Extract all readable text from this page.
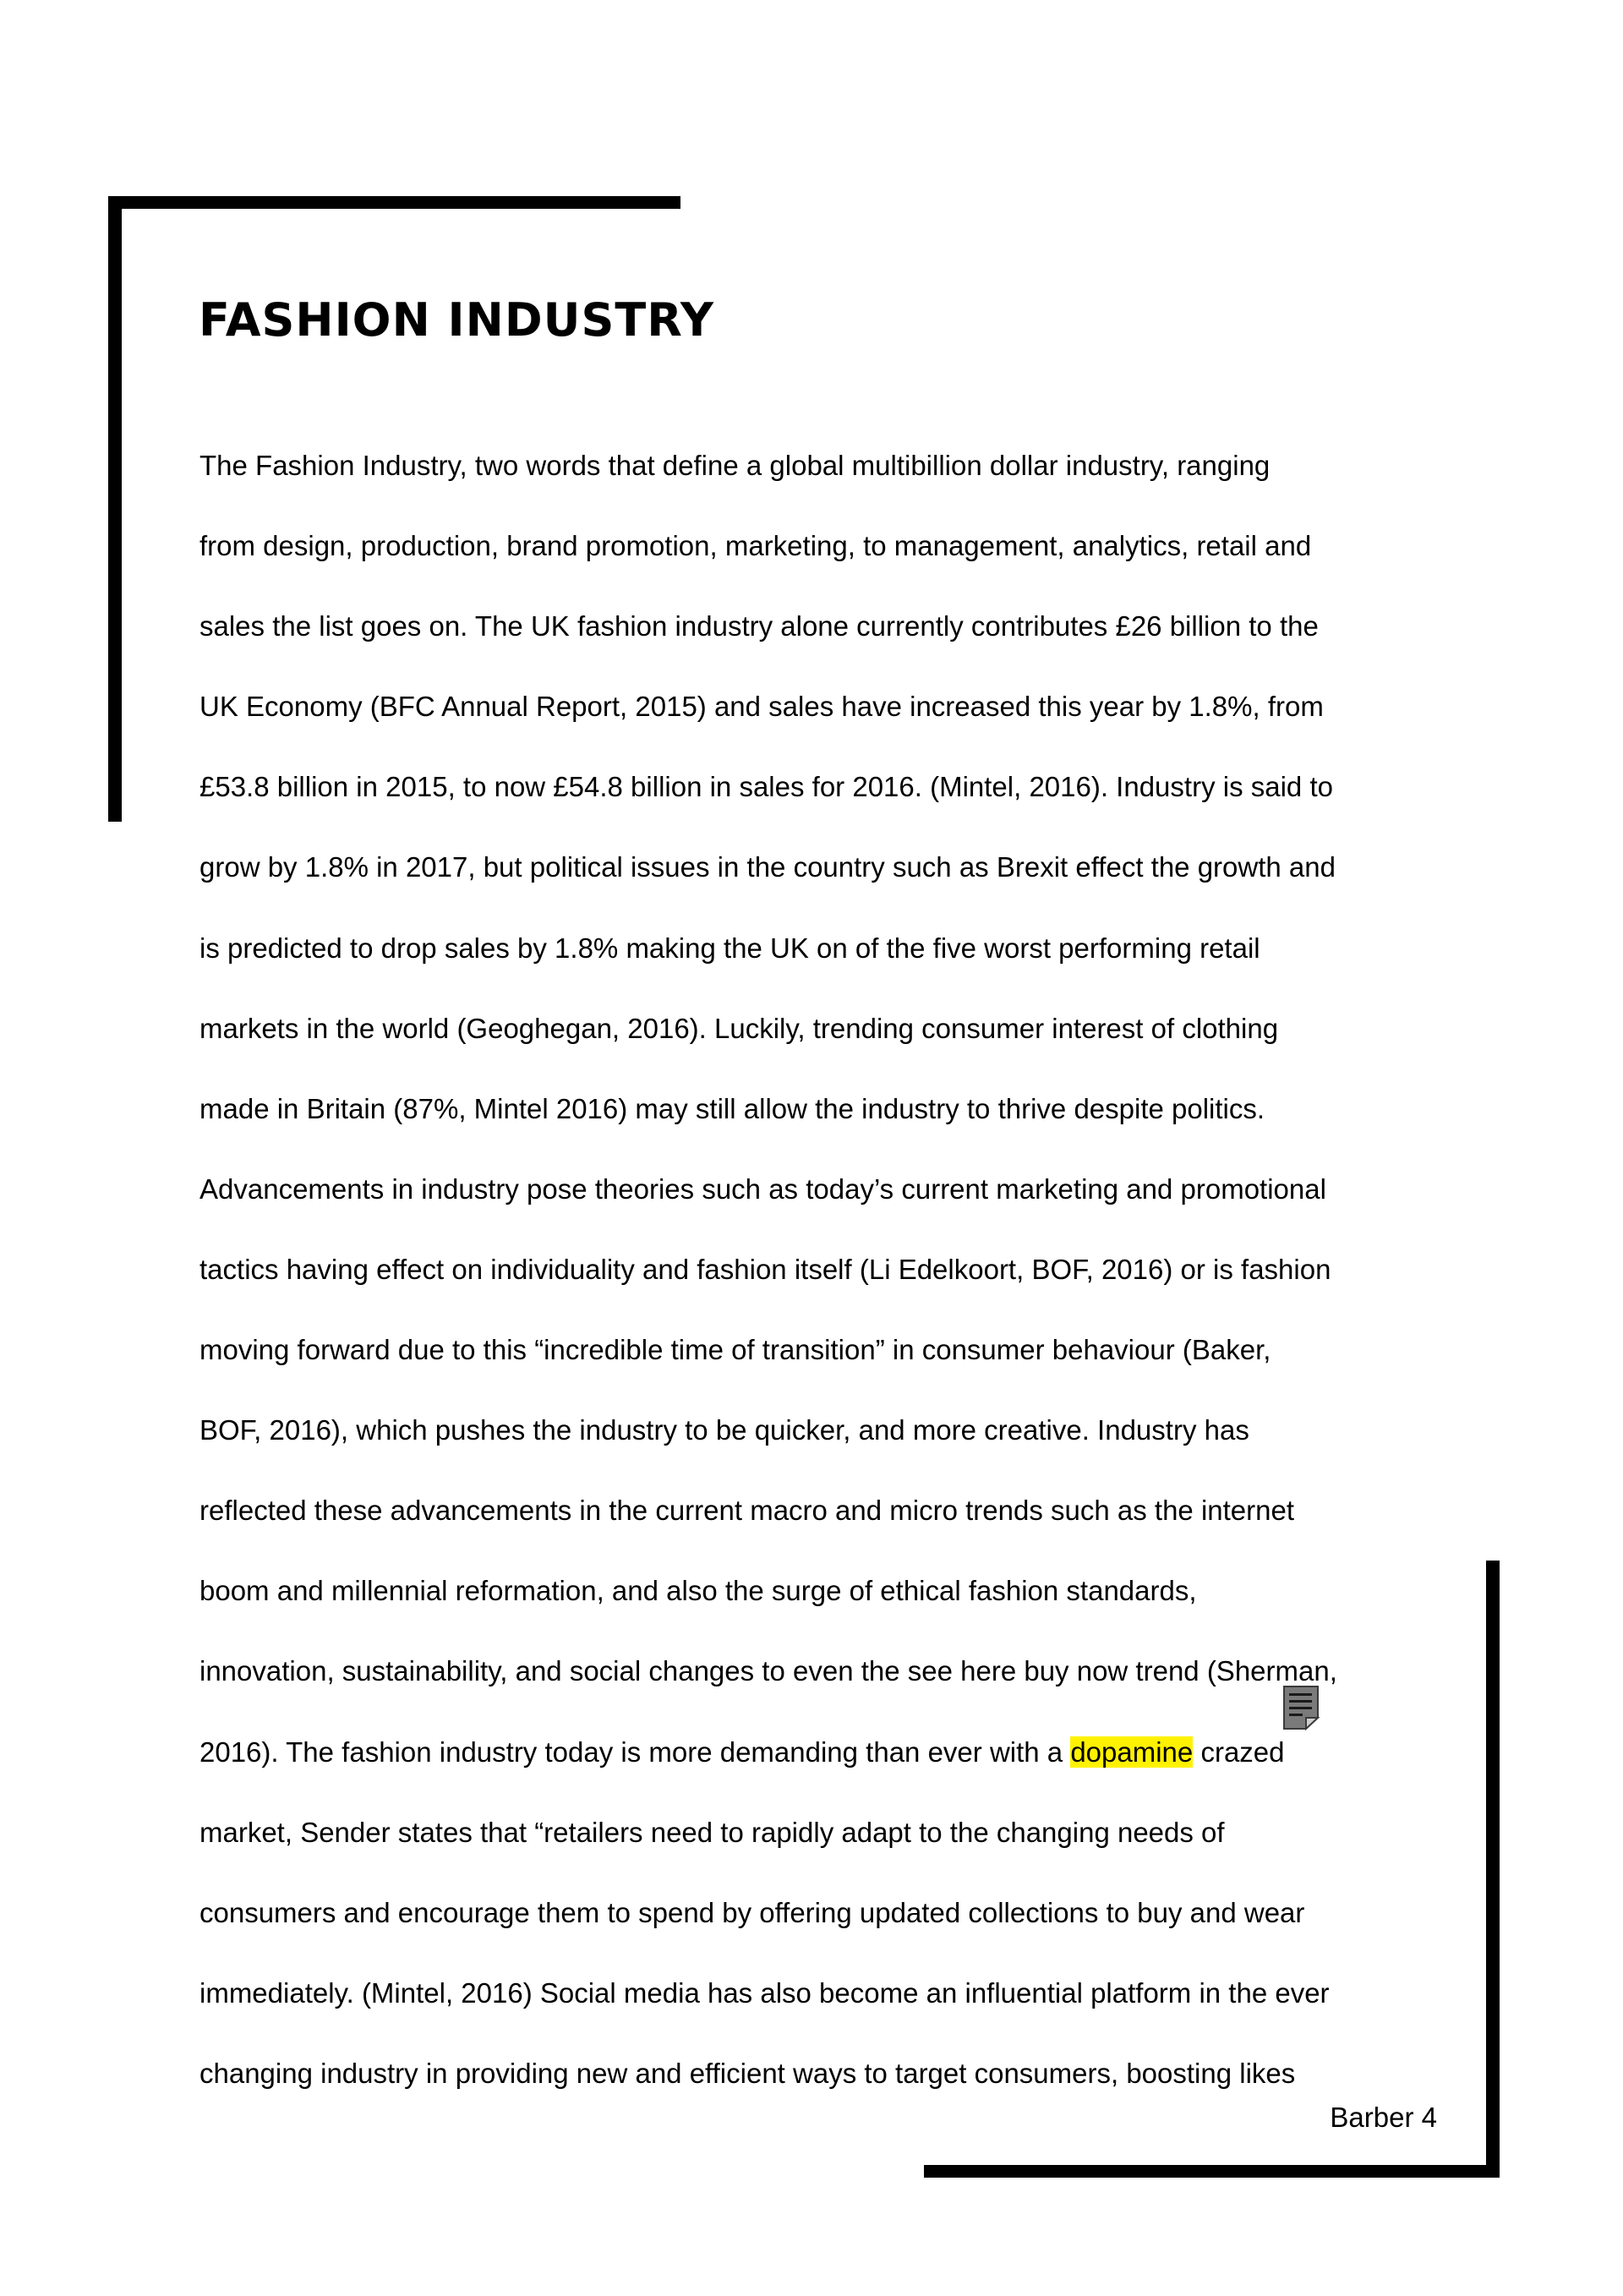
FASHION INDUSTRY
The Fashion Industry, two words that define a global multibillion dollar industry, ranging
from design, production, brand promotion, marketing, to management, analytics, retail and
sales the list goes on. The UK fashion industry alone currently contributes £26 billion to the
UK Economy (BFC Annual Report, 2015) and sales have increased this year by 1.8%, from
£53.8 billion in 2015, to now £54.8 billion in sales for 2016. (Mintel, 2016). Industry is said to
grow by 1.8% in 2017, but political issues in the country such as Brexit effect the growth and
is predicted to drop sales by 1.8% making the UK on of the five worst performing retail
markets in the world (Geoghegan, 2016). Luckily, trending consumer interest of clothing
made in Britain (87%, Mintel 2016) may still allow the industry to thrive despite politics.
Advancements in industry pose theories such as today’s current marketing and promotional
tactics having effect on individuality and fashion itself (Li Edelkoort, BOF, 2016) or is fashion
moving forward due to this “incredible time of transition” in consumer behaviour (Baker,
BOF, 2016), which pushes the industry to be quicker, and more creative. Industry has
reflected these advancements in the current macro and micro trends such as the internet
boom and millennial reformation, and also the surge of ethical fashion standards,
innovation, sustainability, and social changes to even the see here buy now trend (Sherman,
2016). The fashion industry today is more demanding than ever with a dopamine crazed
market, Sender states that “retailers need to rapidly adapt to the changing needs of
consumers and encourage them to spend by offering updated collections to buy and wear
immediately. (Mintel, 2016) Social media has also become an influential platform in the ever
changing industry in providing new and efficient ways to target consumers, boosting likes
Barber 4
